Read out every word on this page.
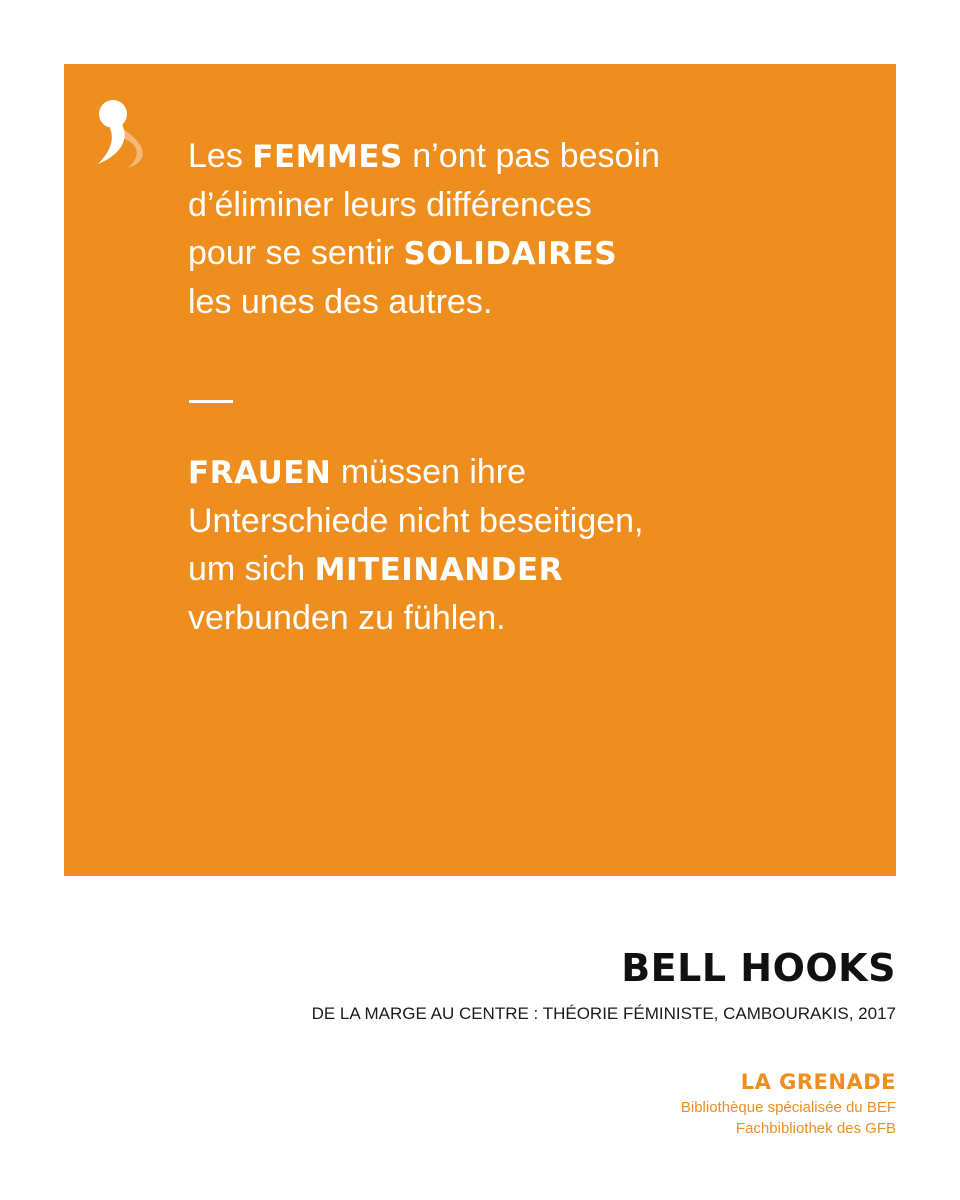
Les FEMMES n’ont pas besoin
d’éliminer leurs différences
pour se sentir SOLIDAIRES
les unes des autres.

FRAUEN müssen ihre
Unterschiede nicht beseitigen,
um sich MITEINANDER
verbunden zu fühlen.

BELL HOOKS

DE LA MARGE AU CENTRE : THÉORIE FÉMINISTE, CAMBOURAKIS, 2017

LA GRENADE

Bibliothèque spécialisée du BEF

Fachbibliothek des GFB
